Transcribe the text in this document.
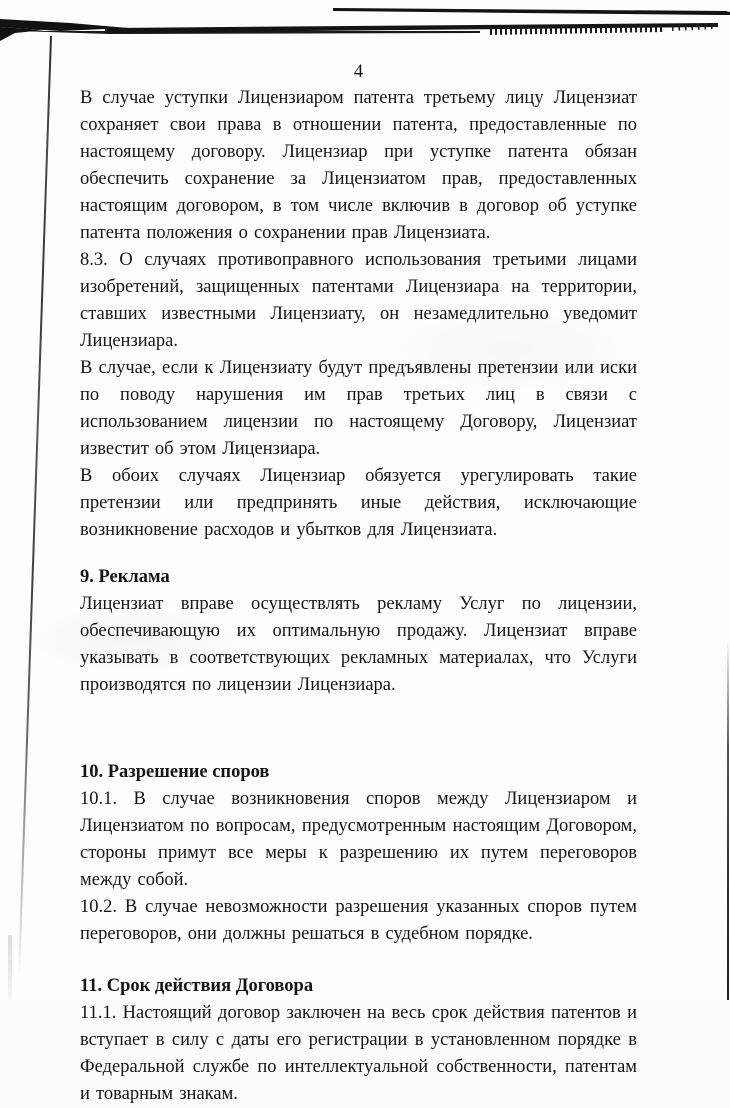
4

В случае уступки Лицензиаром патента третьему лицу Лицензиат сохраняет свои права в отношении патента, предоставленные по настоящему договору. Лицензиар при уступке патента обязан обеспечить сохранение за Лицензиатом прав, предоставленных настоящим договором, в том числе включив в договор об уступке патента положения о сохранении прав Лицензиата.

8.3. О случаях противоправного использования третьими лицами изобретений, защищенных патентами Лицензиара на территории, ставших известными Лицензиату, он незамедлительно уведомит Лицензиара.

В случае, если к Лицензиату будут предъявлены претензии или иски по поводу нарушения им прав третьих лиц в связи с использованием лицензии по настоящему Договору, Лицензиат известит об этом Лицензиара.

В обоих случаях Лицензиар обязуется урегулировать такие претензии или предпринять иные действия, исключающие возникновение расходов и убытков для Лицензиата.

9. Реклама

Лицензиат вправе осуществлять рекламу Услуг по лицензии, обеспечивающую их оптимальную продажу. Лицензиат вправе указывать в соответствующих рекламных материалах, что Услуги производятся по лицензии Лицензиара.

10. Разрешение споров

10.1. В случае возникновения споров между Лицензиаром и Лицензиатом по вопросам, предусмотренным настоящим Договором, стороны примут все меры к разрешению их путем переговоров между собой.

10.2. В случае невозможности разрешения указанных споров путем переговоров, они должны решаться в судебном порядке.

11. Срок действия Договора

11.1. Настоящий договор заключен на весь срок действия патентов и вступает в силу с даты его регистрации в установленном порядке в Федеральной службе по интеллектуальной собственности, патентам и товарным знакам.
